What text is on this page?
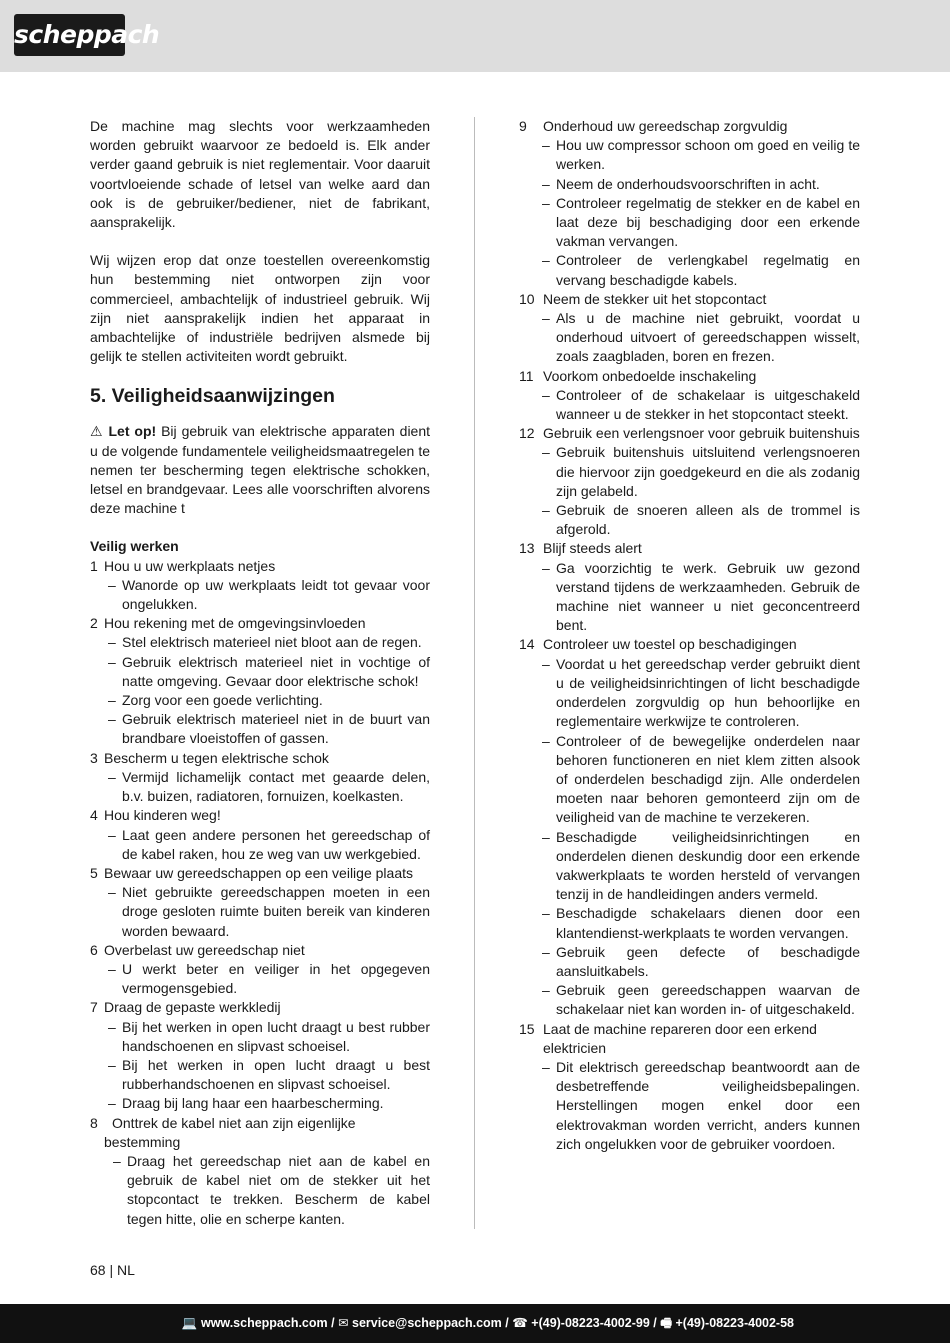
scheppach

De machine mag slechts voor werkzaamheden worden gebruikt waarvoor ze bedoeld is. Elk ander verder gaand gebruik is niet reglementair. Voor daaruit voortvloeiende schade of letsel van welke aard dan ook is de gebruiker/bediener, niet de fabrikant, aansprakelijk.

Wij wijzen erop dat onze toestellen overeenkomstig hun bestemming niet ontworpen zijn voor commercieel, ambachtelijk of industrieel gebruik. Wij zijn niet aansprakelijk indien het apparaat in ambachtelijke of industriële bedrijven alsmede bij gelijk te stellen activiteiten wordt gebruikt.

5. Veiligheidsaanwijzingen

⚠ Let op! Bij gebruik van elektrische apparaten dient u de volgende fundamentele veiligheidsmaatregelen te nemen ter bescherming tegen elektrische schokken, letsel en brandgevaar. Lees alle voorschriften alvorens deze machine t

Veilig werken

1 Hou u uw werkplaats netjes
– Wanorde op uw werkplaats leidt tot gevaar voor ongelukken.
2 Hou rekening met de omgevingsinvloeden
– Stel elektrisch materieel niet bloot aan de regen.
– Gebruik elektrisch materieel niet in vochtige of natte omgeving. Gevaar door elektrische schok!
– Zorg voor een goede verlichting.
– Gebruik elektrisch materieel niet in de buurt van brandbare vloeistoffen of gassen.
3 Bescherm u tegen elektrische schok
– Vermijd lichamelijk contact met geaarde delen, b.v. buizen, radiatoren, fornuizen, koelkasten.
4 Hou kinderen weg!
– Laat geen andere personen het gereedschap of de kabel raken, hou ze weg van uw werkgebied.
5 Bewaar uw gereedschappen op een veilige plaats
– Niet gebruikte gereedschappen moeten in een droge gesloten ruimte buiten bereik van kinderen worden bewaard.
6 Overbelast uw gereedschap niet
– U werkt beter en veiliger in het opgegeven vermogensgebied.
7 Draag de gepaste werkkledij
– Bij het werken in open lucht draagt u best rubber handschoenen en slipvast schoeisel.
– Bij het werken in open lucht draagt u best rubberhandschoenen en slipvast schoeisel.
– Draag bij lang haar een haarbescherming.
8 Onttrek de kabel niet aan zijn eigenlijke bestemming
– Draag het gereedschap niet aan de kabel en gebruik de kabel niet om de stekker uit het stopcontact te trekken. Bescherm de kabel tegen hitte, olie en scherpe kanten.
9 Onderhoud uw gereedschap zorgvuldig
– Hou uw compressor schoon om goed en veilig te werken.
– Neem de onderhoudsvoorschriften in acht.
– Controleer regelmatig de stekker en de kabel en laat deze bij beschadiging door een erkende vakman vervangen.
– Controleer de verlengkabel regelmatig en vervang beschadigde kabels.
10 Neem de stekker uit het stopcontact
– Als u de machine niet gebruikt, voordat u onderhoud uitvoert of gereedschappen wisselt, zoals zaagbladen, boren en frezen.
11 Voorkom onbedoelde inschakeling
– Controleer of de schakelaar is uitgeschakeld wanneer u de stekker in het stopcontact steekt.
12 Gebruik een verlengsnoer voor gebruik buitenshuis
– Gebruik buitenshuis uitsluitend verlengsnoeren die hiervoor zijn goedgekeurd en die als zodanig zijn gelabeld.
– Gebruik de snoeren alleen als de trommel is afgerold.
13 Blijf steeds alert
– Ga voorzichtig te werk. Gebruik uw gezond verstand tijdens de werkzaamheden. Gebruik de machine niet wanneer u niet geconcentreerd bent.
14 Controleer uw toestel op beschadigingen
– Voordat u het gereedschap verder gebruikt dient u de veiligheidsinrichtingen of licht beschadigde onderdelen zorgvuldig op hun behoorlijke en reglementaire werkwijze te controleren.
– Controleer of de bewegelijke onderdelen naar behoren functioneren en niet klem zitten alsook of onderdelen beschadigd zijn. Alle onderdelen moeten naar behoren gemonteerd zijn om de veiligheid van de machine te verzekeren.
– Beschadigde veiligheidsinrichtingen en onderdelen dienen deskundig door een erkende vakwerkplaats te worden hersteld of vervangen tenzij in de handleidingen anders vermeld.
– Beschadigde schakelaars dienen door een klantendienst-werkplaats te worden vervangen.
– Gebruik geen defecte of beschadigde aansluitkabels.
– Gebruik geen gereedschappen waarvan de schakelaar niet kan worden in- of uitgeschakeld.
15 Laat de machine repareren door een erkend elektricien
– Dit elektrisch gereedschap beantwoordt aan de desbetreffende veiligheidsbepalingen. Herstellingen mogen enkel door een elektrovakman worden verricht, anders kunnen zich ongelukken voor de gebruiker voordoen.
68 | NL
💻 www.scheppach.com / ✉ service@scheppach.com / ☎ +(49)-08223-4002-99 / 🖷 +(49)-08223-4002-58
